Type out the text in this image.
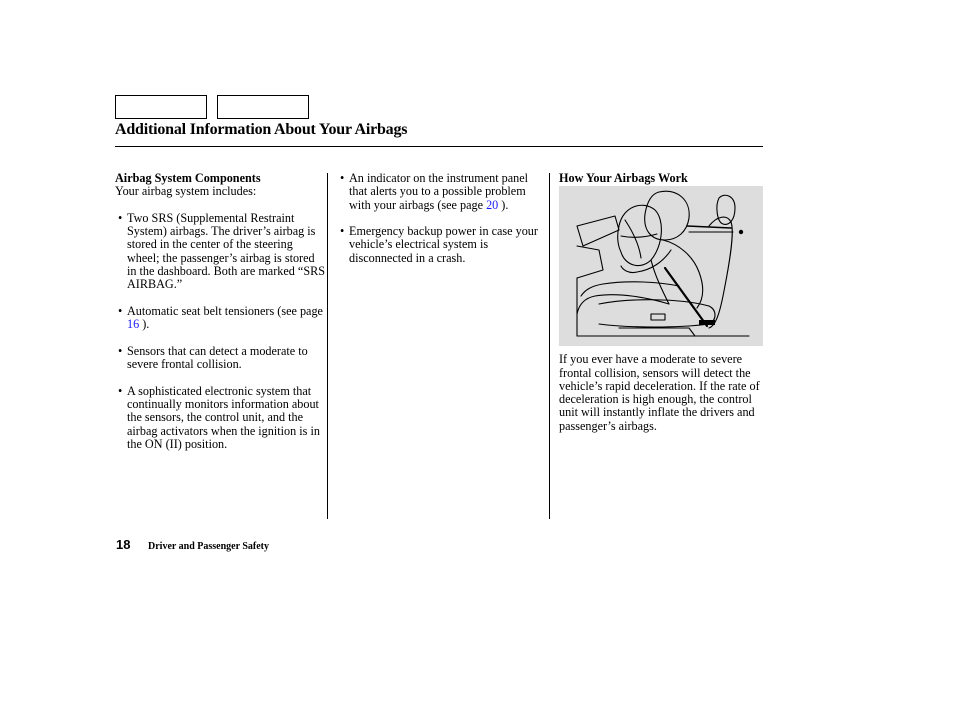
Additional Information About Your Airbags
Airbag System Components
Your airbag system includes:
• Two SRS (Supplemental Restraint System) airbags. The driver’s airbag is stored in the center of the steering wheel; the passenger’s airbag is stored in the dashboard. Both are marked “SRS AIRBAG.”
• Automatic seat belt tensioners (see page 16 ).
• Sensors that can detect a moderate to severe frontal collision.
• A sophisticated electronic system that continually monitors information about the sensors, the control unit, and the airbag activators when the ignition is in the ON (II) position.
• An indicator on the instrument panel that alerts you to a possible problem with your airbags (see page 20 ).
• Emergency backup power in case your vehicle’s electrical system is disconnected in a crash.
How Your Airbags Work
If you ever have a moderate to severe frontal collision, sensors will detect the vehicle’s rapid deceleration. If the rate of deceleration is high enough, the control unit will instantly inflate the drivers and passenger’s airbags.
18 Driver and Passenger Safety
